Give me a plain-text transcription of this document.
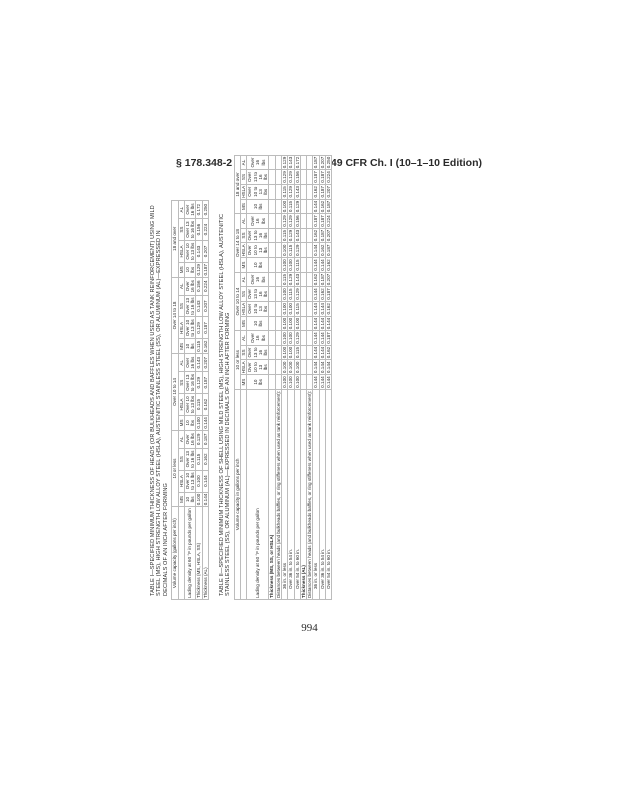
§ 178.348-2	49 CFR Ch. I (10–1–10 Edition)
TABLE I—SPECIFIED MINIMUM THICKNESS OF HEADS (OR BULKHEADS AND BAFFLES WHEN USED AS TANK REINFORCEMENT) USING MILD STEEL (MS), HIGH STRENGTH LOW ALLOY STEEL (HSLA), AUSTENITIC STAINLESS STEEL (SS), OR ALUMINUM (AL)—EXPRESSED IN DECIMALS OF AN INCH AFTER FORMING Volume capacity (gallons per inch)	10 or less				Over 10 to 14				Over 14 to 18				18 and over			
	MS	HSLA	SS	AL	MS	HSLA	SS	AL	MS	HSLA	SS	AL	MS	HSLA	SS	AL
Lading density at 60 °F in pounds per gallon	10 lbs	Over 10 to 13 lbs	Over 13 to 16 lbs	Over 16 lbs	10 lbs	Over 10 to 13 lbs	Over 13 to 16 lbs	Over 16 lbs	10 lbs	Over 10 to 13 lbs	Over 13 to 16 lbs	Over 16 lbs	10 lbs	Over 10 to 13 lbs	Over 13 to 16 lbs	Over 16 lbs
Thickness (MS, HSLA, SS)	0.100	0.100	0.115	0.129	0.100	0.115	0.129	0.143	0.115	0.129	0.143	0.156	0.129	0.143	0.156	0.172
Thickness (AL)	0.144	0.144	0.162	0.187	0.144	0.162	0.187	0.207	0.162	0.187	0.207	0.224	0.187	0.207	0.224	0.250
TABLE II—SPECIFIED MINIMUM THICKNESS OF SHELL USING MILD STEEL (MS), HIGH STRENGTH LOW ALLOY STEEL (HSLA), AUSTENITIC STAINLESS STEEL (SS), OR ALUMINUM (AL)—EXPRESSED IN DECIMALS OF AN INCH AFTER FORMING Volume capacity in gallons per inch	10 or less				Over 10 to 14				Over 14 to 18				18 and over			
	MS	HSLA	SS	AL	MS	HSLA	SS	AL	MS	HSLA	SS	AL	MS	HSLA	SS	AL
Lading density at 60 °F in pounds per gallon	10 lbs	Over 10 to 13 lbs	Over 13 to 16 lbs	Over 16 lbs	10 lbs	Over 10 to 13 lbs	Over 13 to 16 lbs	Over 16 lbs	10 lbs	Over 10 to 13 lbs	Over 13 to 16 lbs	Over 16 lbs	10 lbs	Over 10 to 13 lbs	Over 13 to 16 lbs	Over 16 lbs
Thickness (MS, SS, or HSLA)																
Distances between heads (and bulkheads baffles, or ring stiffeners when used as tank reinforcement):																
36 in. or less	0.100	0.100	0.100	0.100	0.100	0.100	0.100	0.115	0.100	0.100	0.115	0.129	0.100	0.115	0.129	0.129
Over 36 in. to 54 in.	0.100	0.100	0.100	0.100	0.100	0.100	0.115	0.129	0.100	0.115	0.129	0.129	0.115	0.129	0.129	0.143
Over 54 in. to 60 in.	0.100	0.100	0.115	0.129	0.100	0.115	0.129	0.143	0.115	0.129	0.143	0.156	0.129	0.143	0.156	0.172
Thickness (AL)																
Distances between heads (and bulkheads baffles, or ring stiffeners when used as tank reinforcement):																
36 in. or less	0.144	0.144	0.144	0.144	0.144	0.144	0.144	0.162	0.144	0.144	0.162	0.187	0.144	0.162	0.187	0.187
Over 36 in. to 54 in.	0.144	0.144	0.144	0.144	0.144	0.144	0.162	0.187	0.144	0.162	0.187	0.187	0.162	0.187	0.187	0.207
Over 54 in. to 60 in.	0.144	0.144	0.162	0.187	0.144	0.162	0.187	0.207	0.162	0.187	0.207	0.224	0.187	0.207	0.224	0.250
994
